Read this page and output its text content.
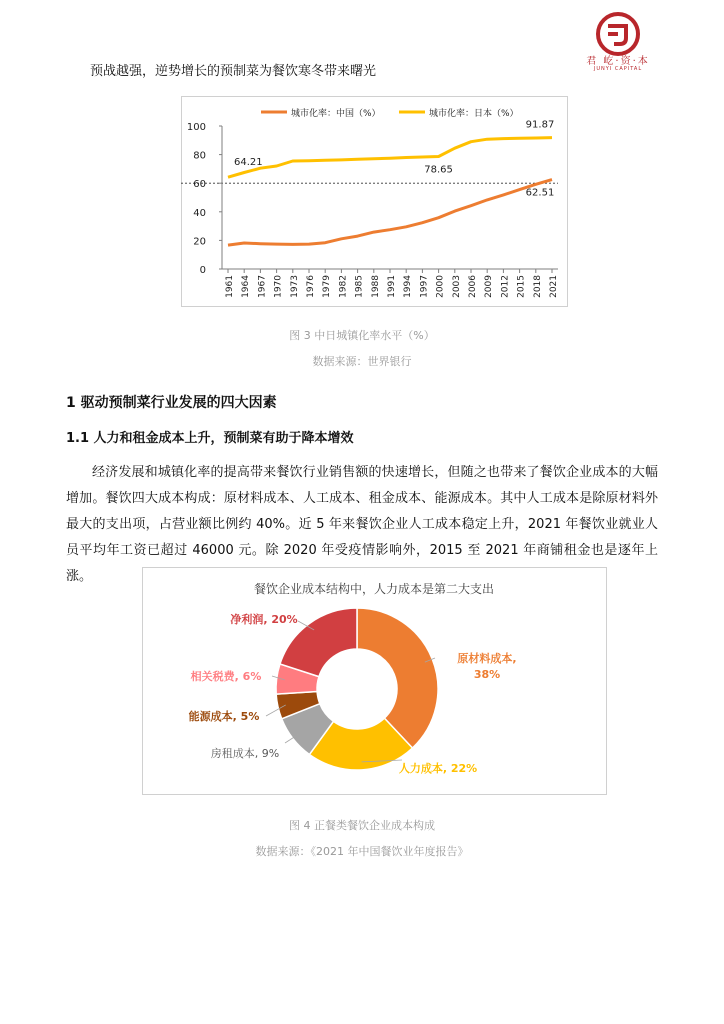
君 屹·资·本
JUNYI CAPITAL
预战越强，逆势增长的预制菜为餐饮寒冬带来曙光
0
20
40
60
80
100
1961 1964 1967 1970 1973 1976 1979 1982 1985 1988 1991 1994 1997 2000 2003 2006 2009 2012 2015 2018 2021
城市化率：中国（%）	城市化率：日本（%）
62.51
64.21
78.65
91.87
图 3 中日城镇化率水平（%）
数据来源：世界银行
1 驱动预制菜行业发展的四大因素
1.1 人力和租金成本上升，预制菜有助于降本增效
经济发展和城镇化率的提高带来餐饮行业销售额的快速增长，但随之也带来了餐饮企业成本的大幅增加。餐饮四大成本构成：原材料成本、人工成本、租金成本、能源成本。其中人工成本是除原材料外最大的支出项，占营业额比例约 40%。近 5 年来餐饮企业人工成本稳定上升，2021 年餐饮业就业人员平均年工资已超过 46000 元。除 2020 年受疫情影响外，2015 至 2021 年商铺租金也是逐年上涨。
餐饮企业成本结构中，人力成本是第二大支出
原材料成本,
38%
人力成本, 22%
房租成本, 9%
能源成本, 5%
相关税费, 6%
净利润, 20%
图 4 正餐类餐饮企业成本构成
数据来源：《2021 年中国餐饮业年度报告》
